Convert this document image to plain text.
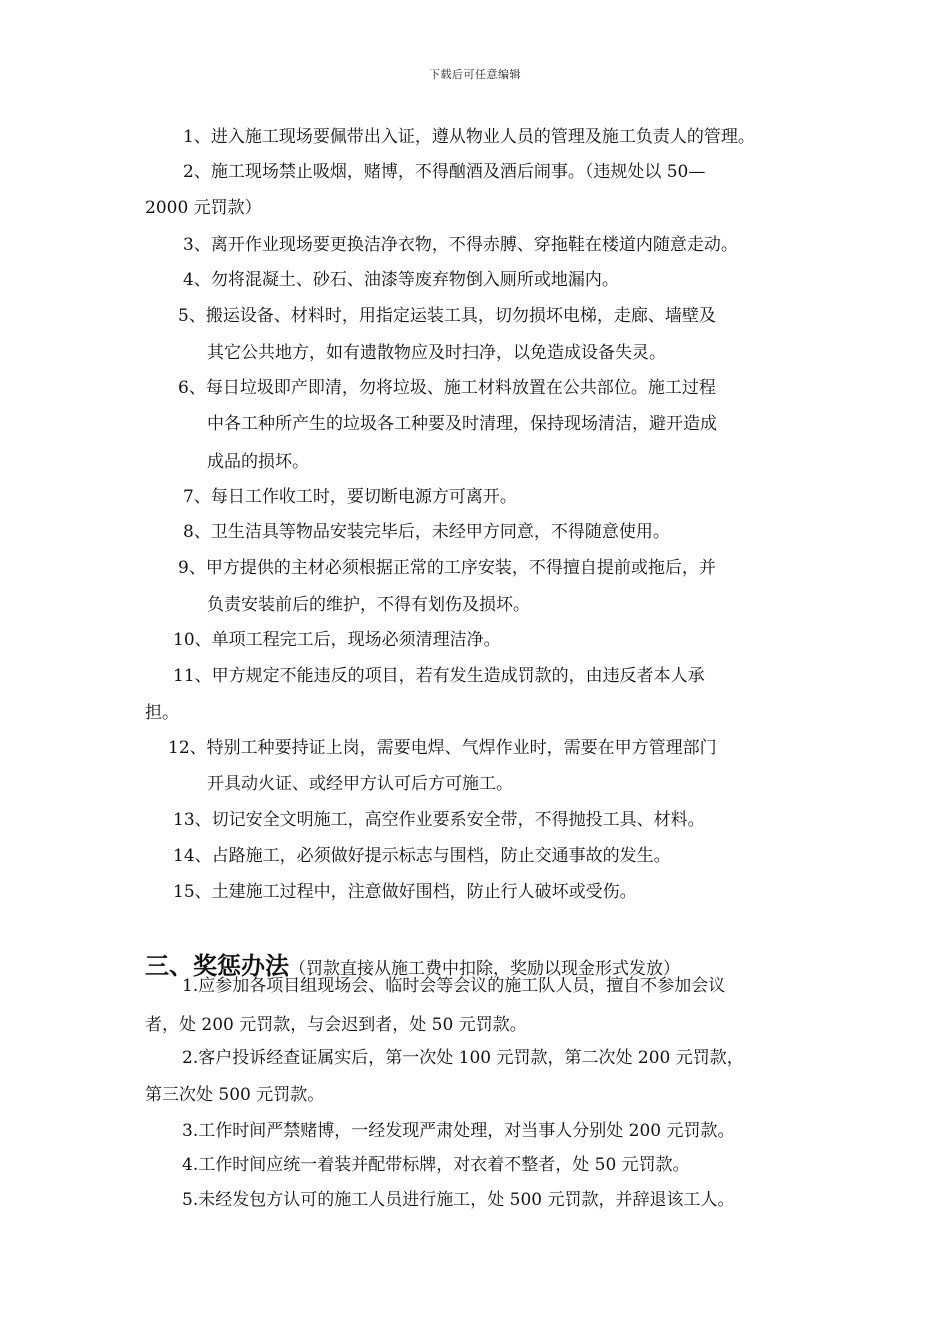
下载后可任意编辑
1、进入施工现场要佩带出入证，遵从物业人员的管理及施工负责人的管理。
2、施工现场禁止吸烟，赌博，不得酗酒及酒后闹事。（违规处以 50—
2000 元罚款）
3、离开作业现场要更换洁净衣物，不得赤膊、穿拖鞋在楼道内随意走动。
4、勿将混凝土、砂石、油漆等废弃物倒入厕所或地漏内。
5、搬运设备、材料时，用指定运装工具，切勿损坏电梯，走廊、墙壁及
其它公共地方，如有遗散物应及时扫净，以免造成设备失灵。
6、每日垃圾即产即清，勿将垃圾、施工材料放置在公共部位。施工过程
中各工种所产生的垃圾各工种要及时清理，保持现场清洁，避开造成
成品的损坏。
7、每日工作收工时，要切断电源方可离开。
8、卫生洁具等物品安装完毕后，未经甲方同意，不得随意使用。
9、甲方提供的主材必须根据正常的工序安装，不得擅自提前或拖后，并
负责安装前后的维护，不得有划伤及损坏。
10、单项工程完工后，现场必须清理洁净。
11、甲方规定不能违反的项目，若有发生造成罚款的，由违反者本人承
担。
12、特别工种要持证上岗，需要电焊、气焊作业时，需要在甲方管理部门
开具动火证、或经甲方认可后方可施工。
13、切记安全文明施工，高空作业要系安全带，不得抛投工具、材料。
14、占路施工，必须做好提示标志与围档，防止交通事故的发生。
15、土建施工过程中，注意做好围档，防止行人破坏或受伤。
三、奖惩办法（罚款直接从施工费中扣除，奖励以现金形式发放）
1.应参加各项目组现场会、临时会等会议的施工队人员，擅自不参加会议
者，处 200 元罚款，与会迟到者，处 50 元罚款。
2.客户投诉经查证属实后，第一次处 100 元罚款，第二次处 200 元罚款，
第三次处 500 元罚款。
3.工作时间严禁赌博，一经发现严肃处理，对当事人分别处 200 元罚款。
4.工作时间应统一着装并配带标牌，对衣着不整者，处 50 元罚款。
5.未经发包方认可的施工人员进行施工，处 500 元罚款，并辞退该工人。
